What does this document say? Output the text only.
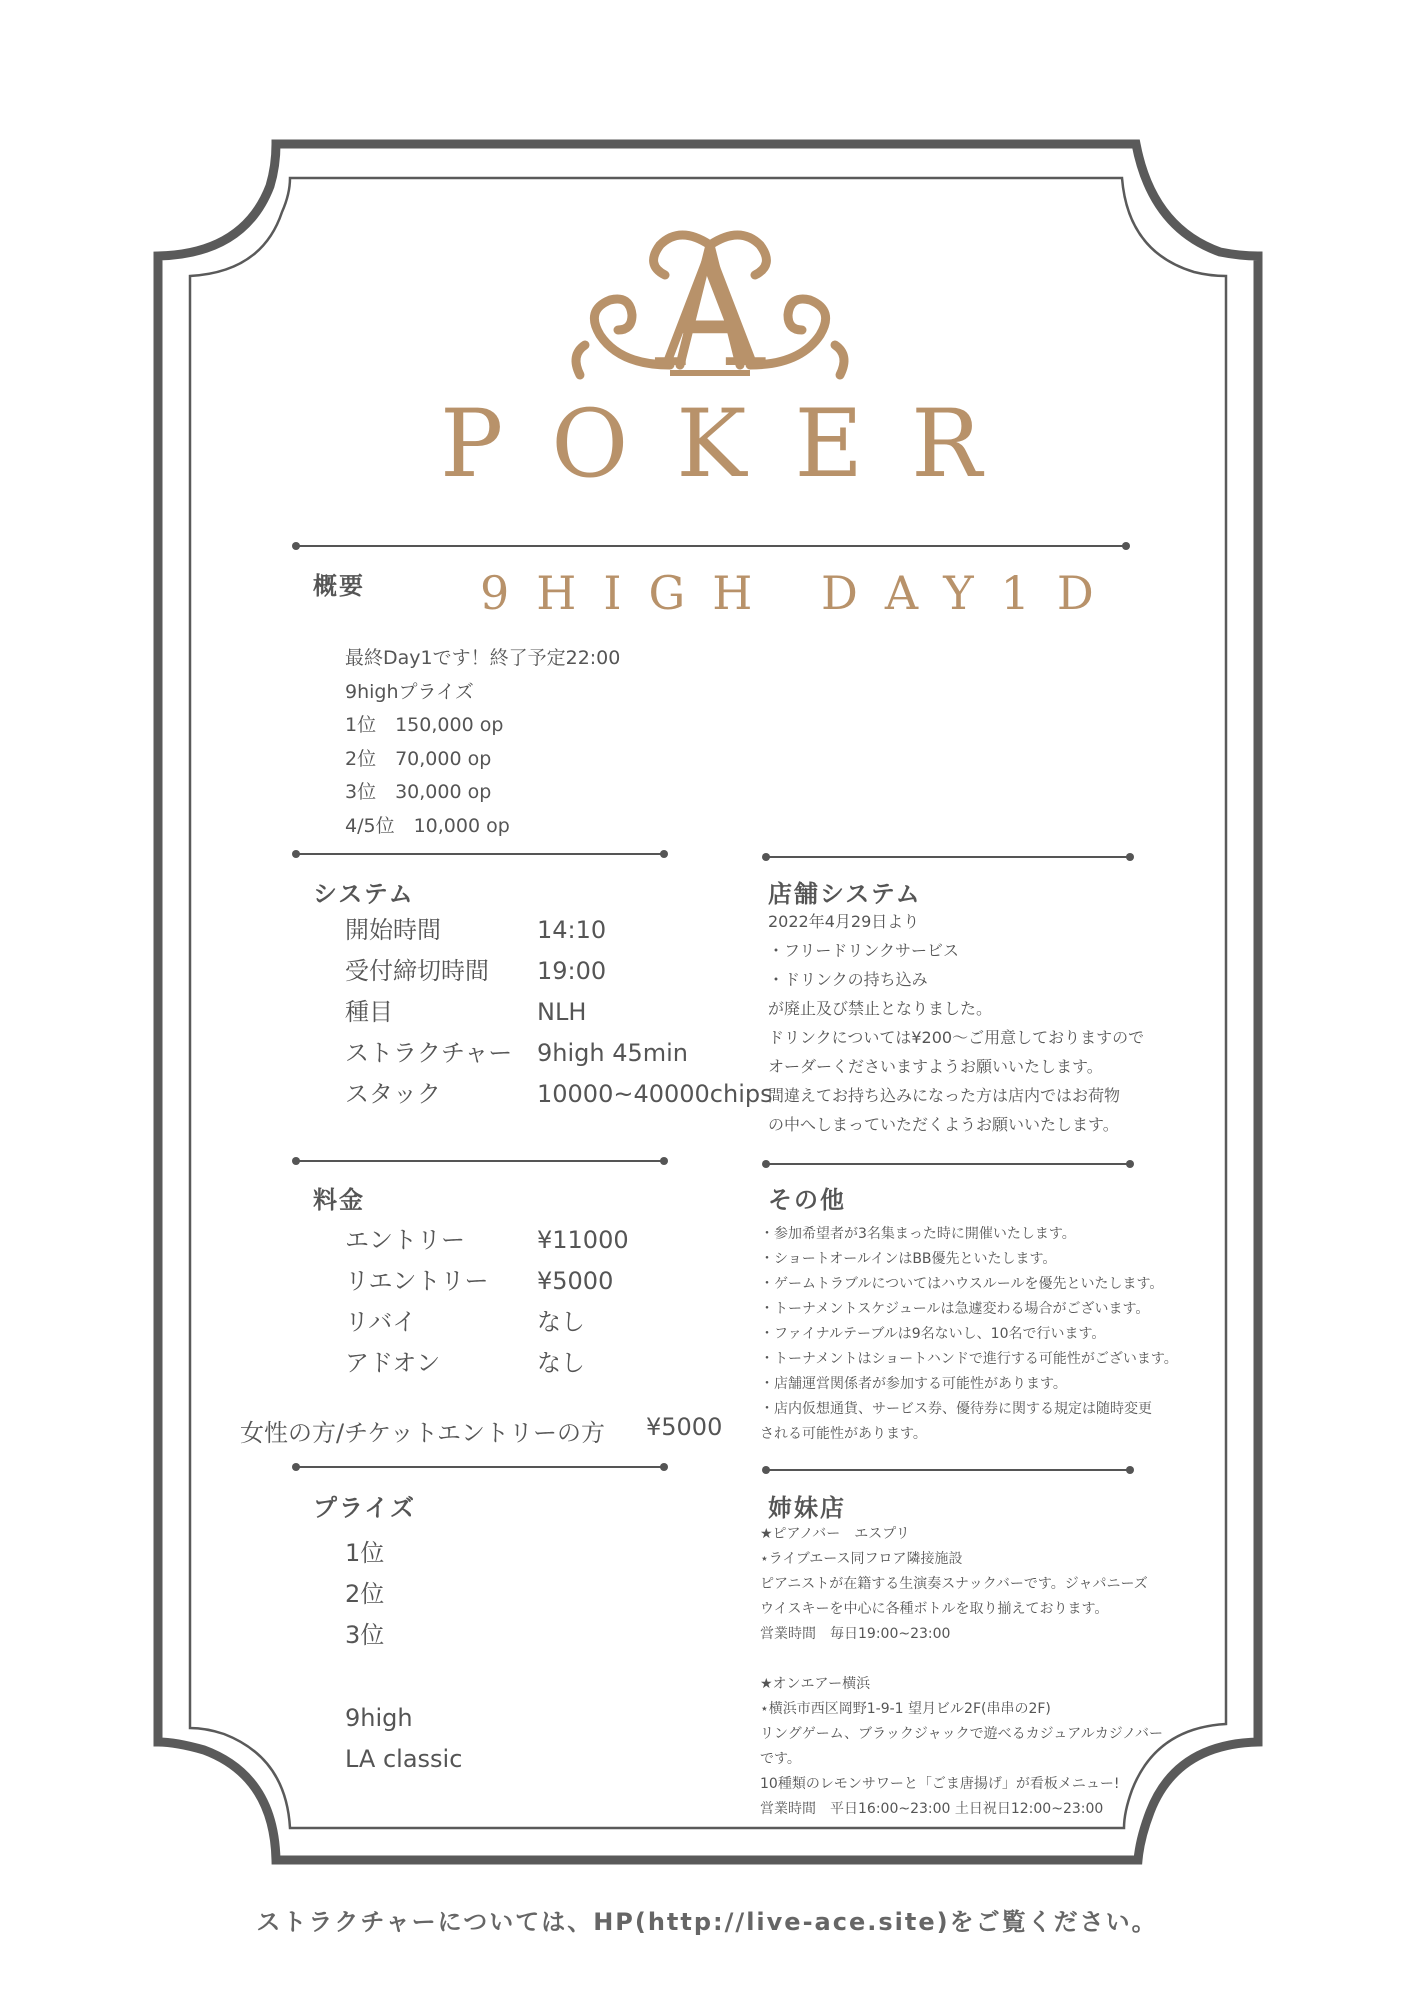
A
POKER
概要	9HIGH DAY1D
最終Day1です！終了予定22:00
9highプライズ
1位　150,000 op
2位　70,000 op
3位　30,000 op
4/5位　10,000 op
システム
開始時間	14:10
受付締切時間	19:00
種目	NLH
ストラクチャー	9high 45min
スタック	10000~40000chips
店舗システム
2022年4月29日より
・フリードリンクサービス
・ドリンクの持ち込み
が廃止及び禁止となりました。
ドリンクについては¥200〜ご用意しておりますので
オーダーくださいますようお願いいたします。
間違えてお持ち込みになった方は店内ではお荷物
の中へしまっていただくようお願いいたします。
料金
エントリー	¥11000
リエントリー	¥5000
リバイ	なし
アドオン	なし
女性の方/チケットエントリーの方 ¥5000
その他
・参加希望者が3名集まった時に開催いたします。
・ショートオールインはBB優先といたします。
・ゲームトラブルについてはハウスルールを優先といたします。
・トーナメントスケジュールは急遽変わる場合がございます。
・ファイナルテーブルは9名ないし、10名で行います。
・トーナメントはショートハンドで進行する可能性がございます。
・店舗運営関係者が参加する可能性があります。
・店内仮想通貨、サービス券、優待券に関する規定は随時変更
される可能性があります。
プライズ
1位
2位
3位
9high
LA classic
姉妹店
★ピアノバー　エスプリ
⋆ライブエース同フロア隣接施設
ピアニストが在籍する生演奏スナックバーです。ジャパニーズ
ウイスキーを中心に各種ボトルを取り揃えております。
営業時間　毎日19:00~23:00
★オンエアー横浜
⋆横浜市西区岡野1-9-1 望月ビル2F(串串の2F)
リングゲーム、ブラックジャックで遊べるカジュアルカジノバー
です。
10種類のレモンサワーと「ごま唐揚げ」が看板メニュー!
営業時間　平日16:00~23:00 土日祝日12:00~23:00
ストラクチャーについては、HP(http://live-ace.site)をご覧ください。
